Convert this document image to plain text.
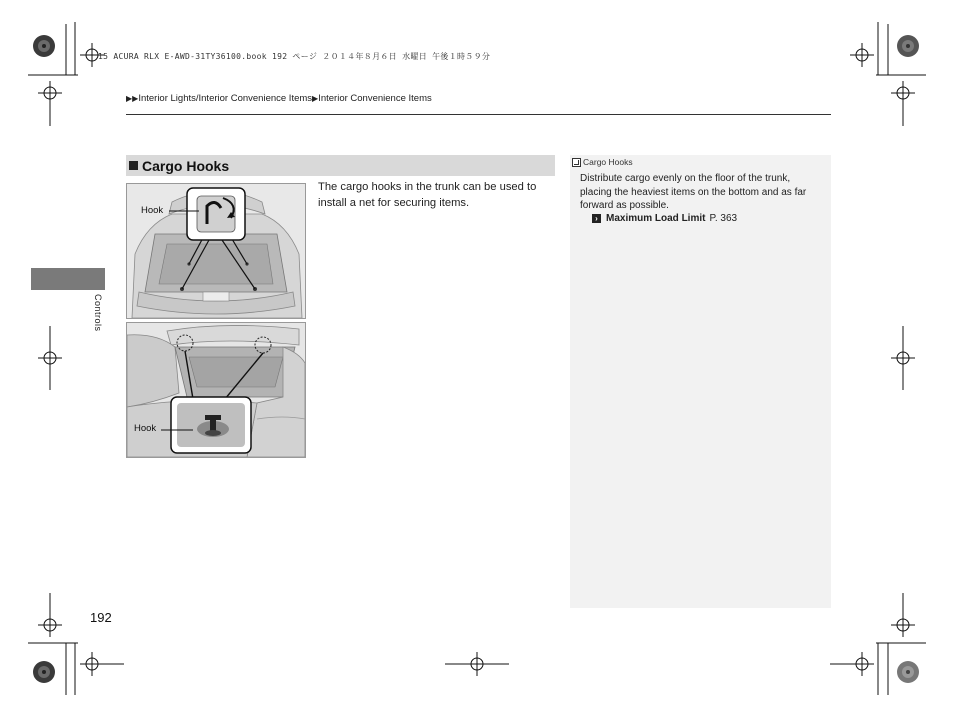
15 ACURA RLX E-AWD-31TY36100.book 192 ページ ２０１４年８月６日 水曜日 午後１時５９分
▶▶Interior Lights/Interior Convenience Items▶Interior Convenience Items
Controls
Cargo Hooks
The cargo hooks in the trunk can be used to install a net for securing items.
Hook
Hook
Cargo Hooks
Distribute cargo evenly on the floor of the trunk, placing the heaviest items on the bottom and as far forward as possible.
› Maximum Load Limit P. 363
192
